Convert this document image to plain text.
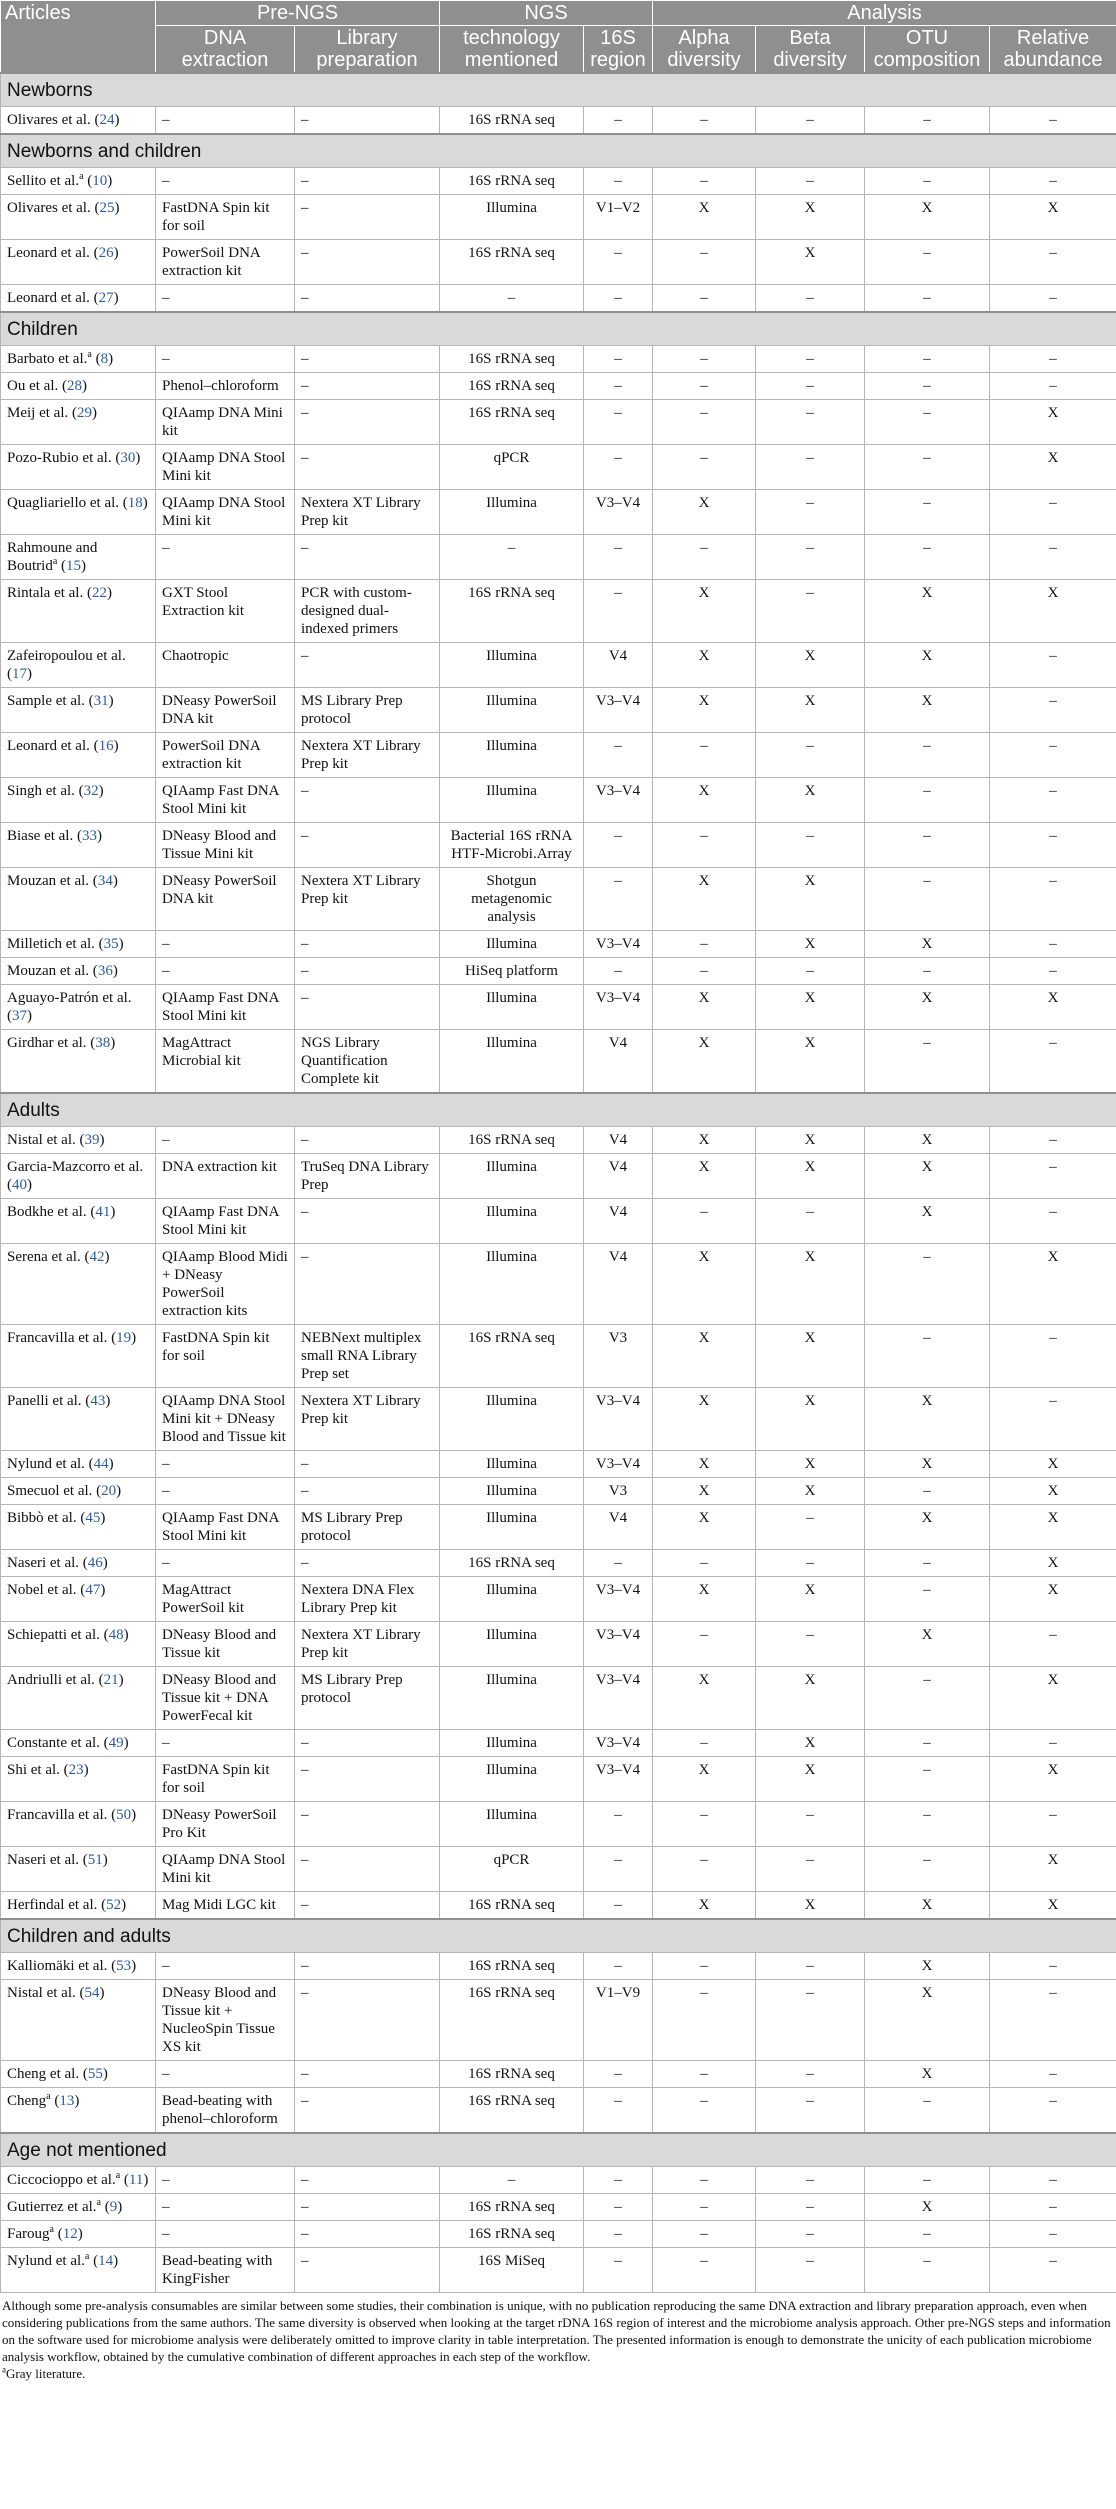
Articles	Pre-NGS		NGS		Analysis			
	DNA extraction	Library preparation	technology mentioned	16S region	Alpha diversity	Beta diversity	OTU composition	Relative abundance
Newborns								
Olivares et al. (24)	–	–	16S rRNA seq	–	–	–	–	–
Newborns and children								
Sellito et al.$^a$ (10)	–	–	16S rRNA seq	–	–	–	–	–
Olivares et al. (25)	FastDNA Spin kit for soil	–	Illumina	V1–V2	X	X	X	X
Leonard et al. (26)	PowerSoil DNA extraction kit	–	16S rRNA seq	–	–	X	–	–
Leonard et al. (27)	–	–	–	–	–	–	–	–
Children								
Barbato et al.$^a$ (8)	–	–	16S rRNA seq	–	–	–	–	–
Ou et al. (28)	Phenol–chloroform	–	16S rRNA seq	–	–	–	–	–
Meij et al. (29)	QIAamp DNA Mini kit	–	16S rRNA seq	–	–	–	–	X
Pozo-Rubio et al. (30)	QIAamp DNA Stool Mini kit	–	qPCR	–	–	–	–	X
Quagliariello et al. (18)	QIAamp DNA Stool Mini kit	Nextera XT Library Prep kit	Illumina	V3–V4	X	–	–	–
Rahmoune and Boutrid$^a$ (15)	–	–	–	–	–	–	–	–
Rintala et al. (22)	GXT Stool Extraction kit	PCR with custom-designed dual-indexed primers	16S rRNA seq	–	X	–	X	X
Zafeiropoulou et al. (17)	Chaotropic	–	Illumina	V4	X	X	X	–
Sample et al. (31)	DNeasy PowerSoil DNA kit	MS Library Prep protocol	Illumina	V3–V4	X	X	X	–
Leonard et al. (16)	PowerSoil DNA extraction kit	Nextera XT Library Prep kit	Illumina	–	–	–	–	–
Singh et al. (32)	QIAamp Fast DNA Stool Mini kit	–	Illumina	V3–V4	X	X	–	–
Biase et al. (33)	DNeasy Blood and Tissue Mini kit	–	Bacterial 16S rRNA HTF-Microbi.Array	–	–	–	–	–
Mouzan et al. (34)	DNeasy PowerSoil DNA kit	Nextera XT Library Prep kit	Shotgun metagenomic analysis	–	X	X	–	–
Milletich et al. (35)	–	–	Illumina	V3–V4	–	X	X	–
Mouzan et al. (36)	–	–	HiSeq platform	–	–	–	–	–
Aguayo-Patrón et al. (37)	QIAamp Fast DNA Stool Mini kit	–	Illumina	V3–V4	X	X	X	X
Girdhar et al. (38)	MagAttract Microbial kit	NGS Library Quantification Complete kit	Illumina	V4	X	X	–	–
Adults								
Nistal et al. (39)	–	–	16S rRNA seq	V4	X	X	X	–
Garcia-Mazcorro et al. (40)	DNA extraction kit	TruSeq DNA Library Prep	Illumina	V4	X	X	X	–
Bodkhe et al. (41)	QIAamp Fast DNA Stool Mini kit	–	Illumina	V4	–	–	X	–
Serena et al. (42)	QIAamp Blood Midi + DNeasy PowerSoil extraction kits	–	Illumina	V4	X	X	–	X
Francavilla et al. (19)	FastDNA Spin kit for soil	NEBNext multiplex small RNA Library Prep set	16S rRNA seq	V3	X	X	–	–
Panelli et al. (43)	QIAamp DNA Stool Mini kit + DNeasy Blood and Tissue kit	Nextera XT Library Prep kit	Illumina	V3–V4	X	X	X	–
Nylund et al. (44)	–	–	Illumina	V3–V4	X	X	X	X
Smecuol et al. (20)	–	–	Illumina	V3	X	X	–	X
Bibbò et al. (45)	QIAamp Fast DNA Stool Mini kit	MS Library Prep protocol	Illumina	V4	X	–	X	X
Naseri et al. (46)	–	–	16S rRNA seq	–	–	–	–	X
Nobel et al. (47)	MagAttract PowerSoil kit	Nextera DNA Flex Library Prep kit	Illumina	V3–V4	X	X	–	X
Schiepatti et al. (48)	DNeasy Blood and Tissue kit	Nextera XT Library Prep kit	Illumina	V3–V4	–	–	X	–
Andriulli et al. (21)	DNeasy Blood and Tissue kit + DNA PowerFecal kit	MS Library Prep protocol	Illumina	V3–V4	X	X	–	X
Constante et al. (49)	–	–	Illumina	V3–V4	–	X	–	–
Shi et al. (23)	FastDNA Spin kit for soil	–	Illumina	V3–V4	X	X	–	X
Francavilla et al. (50)	DNeasy PowerSoil Pro Kit	–	Illumina	–	–	–	–	–
Naseri et al. (51)	QIAamp DNA Stool Mini kit	–	qPCR	–	–	–	–	X
Herfindal et al. (52)	Mag Midi LGC kit	–	16S rRNA seq	–	X	X	X	X
Children and adults								
Kalliomäki et al. (53)	–	–	16S rRNA seq	–	–	–	X	–
Nistal et al. (54)	DNeasy Blood and Tissue kit + NucleoSpin Tissue XS kit	–	16S rRNA seq	V1–V9	–	–	X	–
Cheng et al. (55)	–	–	16S rRNA seq	–	–	–	X	–
Cheng$^a$ (13)	Bead-beating with phenol–chloroform	–	16S rRNA seq	–	–	–	–	–
Age not mentioned								
Ciccocioppo et al.$^a$ (11)	–	–	–	–	–	–	–	–
Gutierrez et al.$^a$ (9)	–	–	16S rRNA seq	–	–	–	X	–
Faroug$^a$ (12)	–	–	16S rRNA seq	–	–	–	–	–
Nylund et al.$^a$ (14)	Bead-beating with KingFisher	–	16S MiSeq	–	–	–	–	–

Although some pre-analysis consumables are similar between some studies, their combination is unique, with no publication reproducing the same DNA extraction and library preparation approach, even when considering publications from the same authors. The same diversity is observed when looking at the target rDNA 16S region of interest and the microbiome analysis approach. Other pre-NGS steps and information on the software used for microbiome analysis were deliberately omitted to improve clarity in table interpretation. The presented information is enough to demonstrate the unicity of each publication microbiome analysis workflow, obtained by the cumulative combination of different approaches in each step of the workflow.
$^a$Gray literature.
